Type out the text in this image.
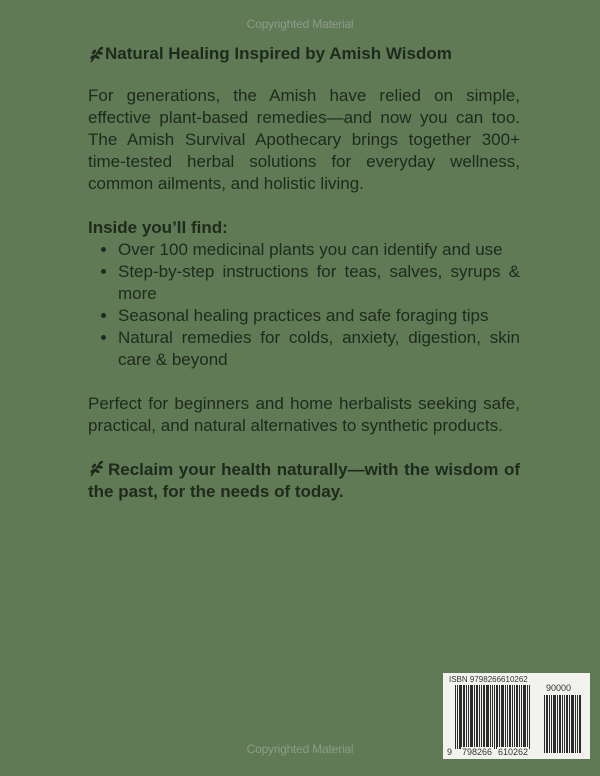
Copyrighted Material
Natural Healing Inspired by Amish Wisdom

For generations, the Amish have relied on simple, effective plant-based remedies—and now you can too. The Amish Survival Apothecary brings together 300+ time-tested herbal solutions for everyday wellness, common ailments, and holistic living.

Inside you’ll find:

• Over 100 medicinal plants you can identify and use
• Step-by-step instructions for teas, salves, syrups & more
• Seasonal healing practices and safe foraging tips
• Natural remedies for colds, anxiety, digestion, skin care & beyond

Perfect for beginners and home herbalists seeking safe, practical, and natural alternatives to synthetic products.

Reclaim your health naturally—with the wisdom of the past, for the needs of today.

ISBN 9798266610262
90000
9 798266 610262
Copyrighted Material
